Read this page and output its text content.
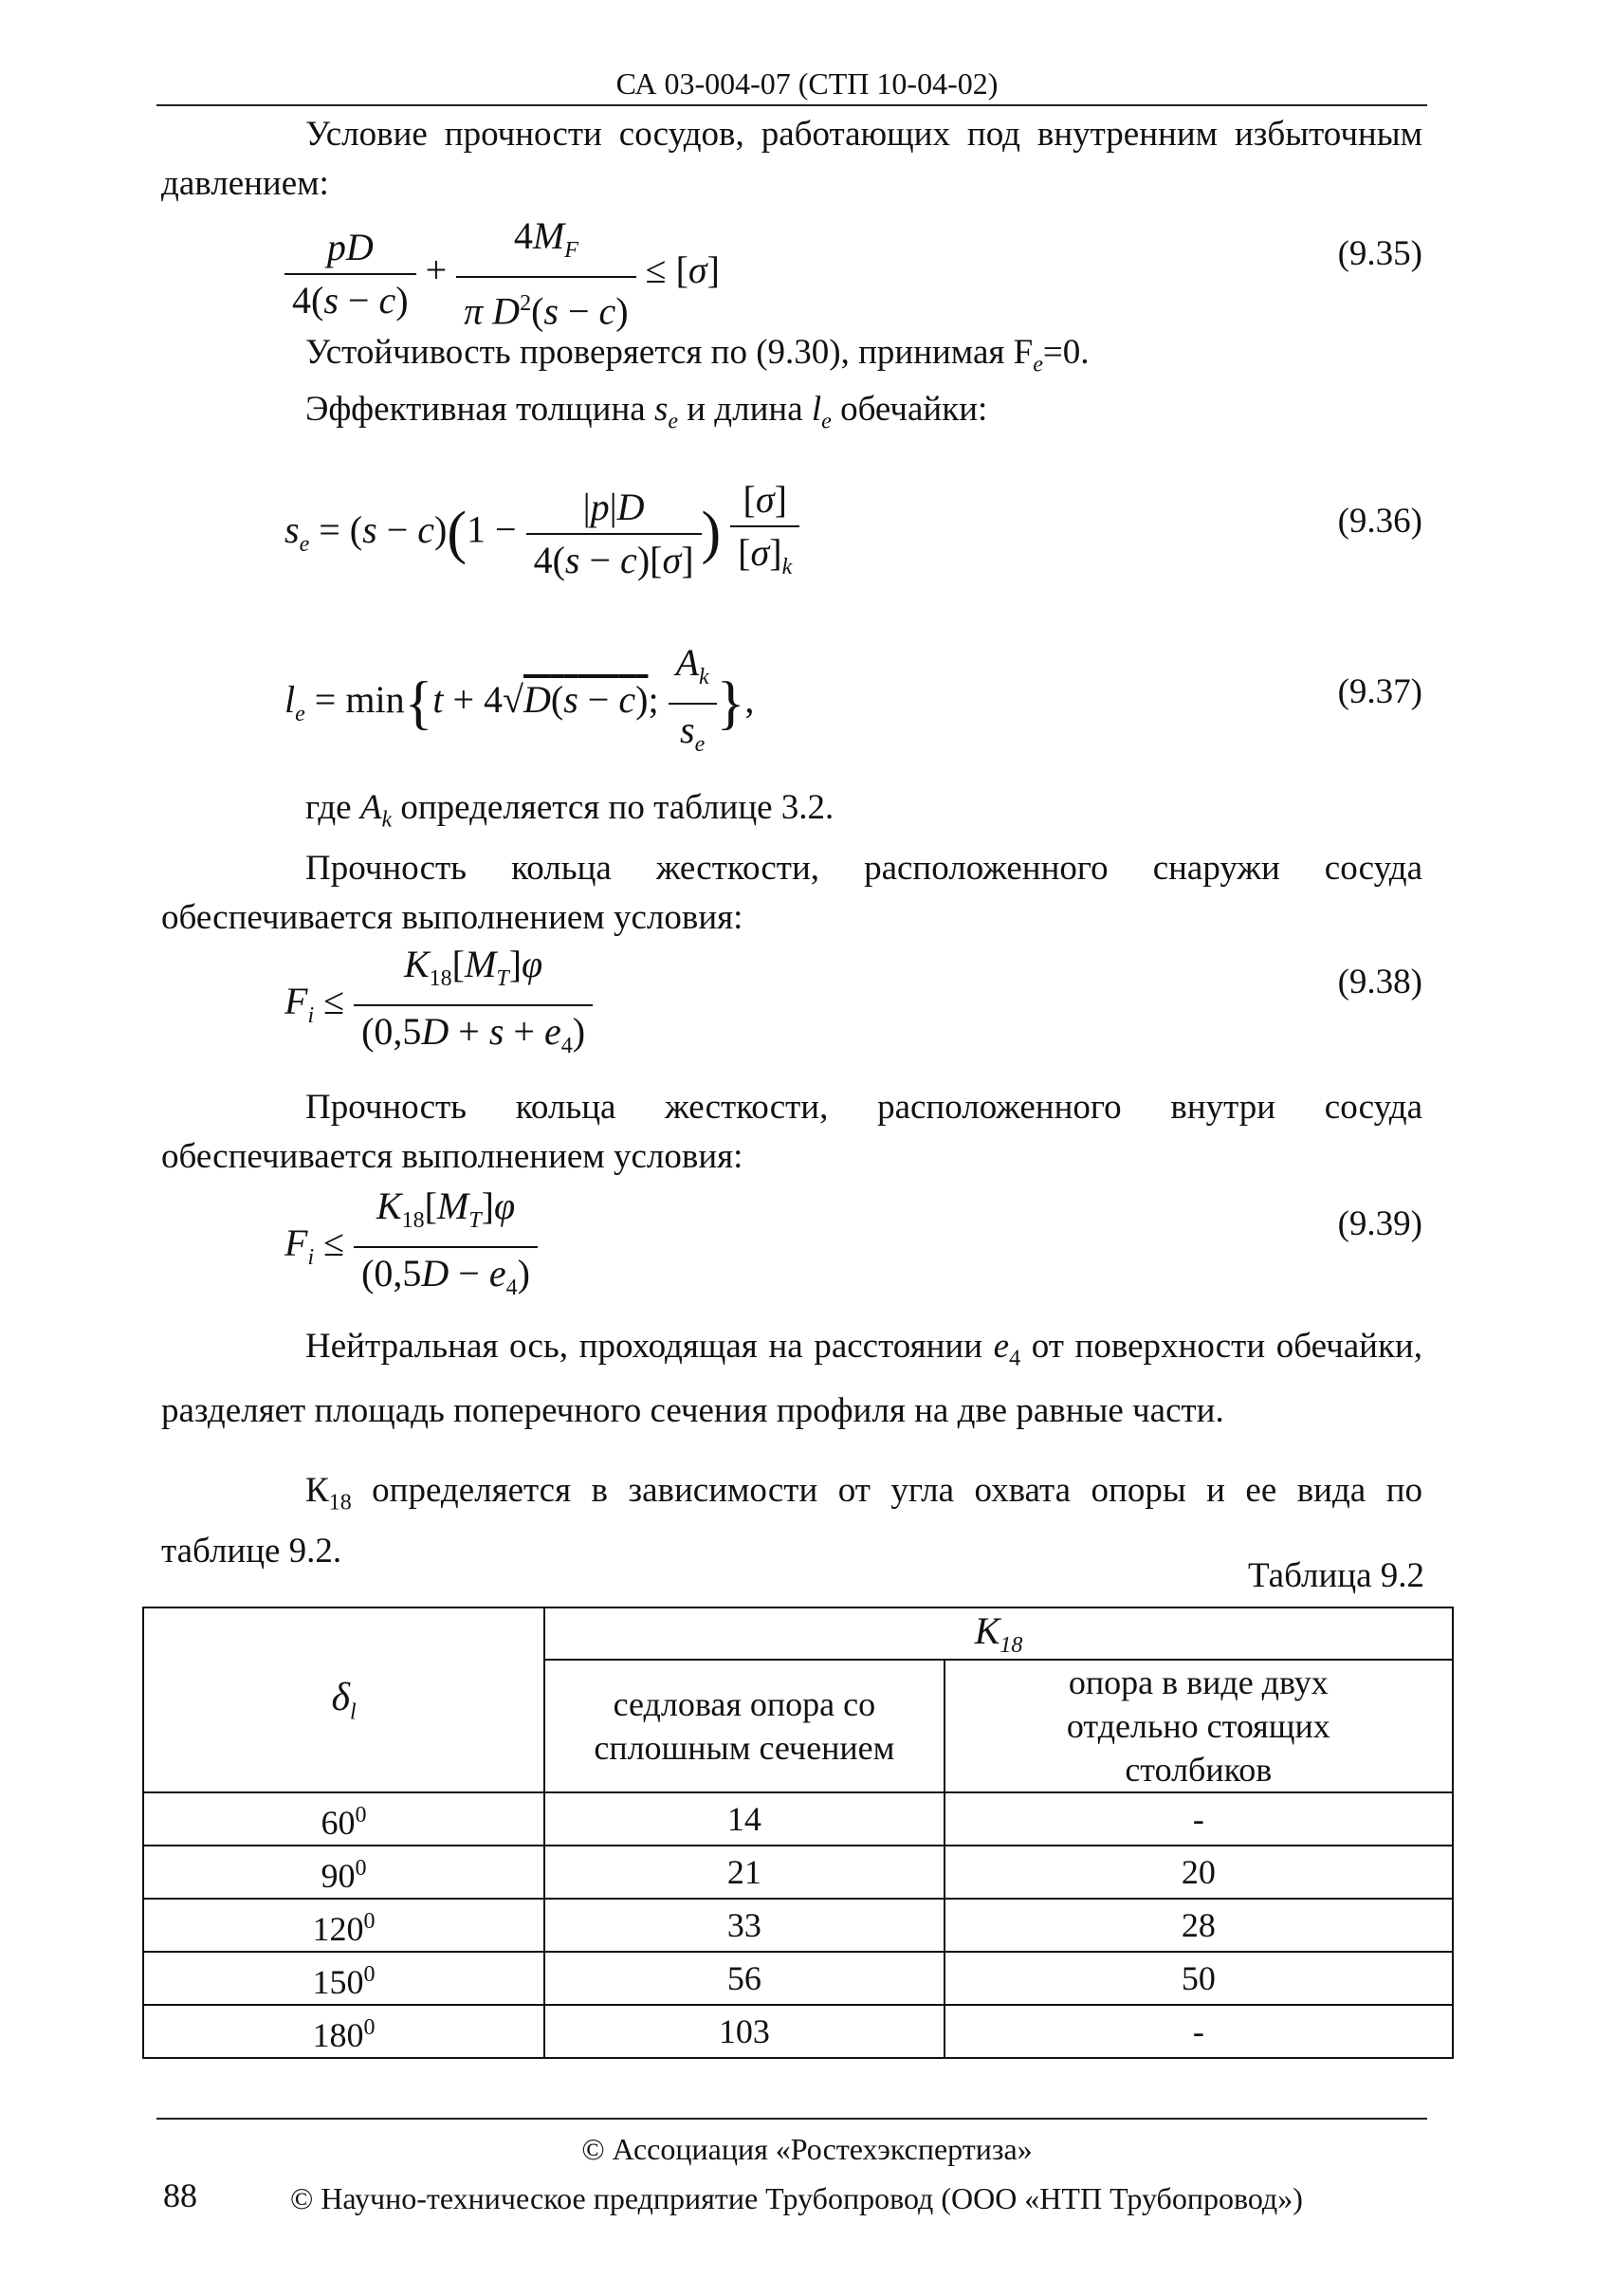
СА 03-004-07 (СТП 10-04-02)
Условие прочности сосудов, работающих под внутренним избыточным давлением:
$\frac{pD}{4(s - c)} + \frac{4M_F}{\pi D^2(s - c)} \le [\sigma]$	(9.35)
Устойчивость проверяется по (9.30), принимая $F_e=0$.
Эффективная толщина $s_e$ и длина $l_e$ обечайки:
$s_e = (s - c)(1 - \frac{|p|D}{4(s - c)[\sigma]}$ ) $\frac{[\sigma]}{[\sigma]_k}$	(9.36)
$l_e = \min\{t + 4√D(s - c)$; $\frac{A_k}{s_e}$ },	(9.37)
где $A_k$ определяется по таблице 3.2.
Прочность кольца жесткости, расположенного снаружи сосуда обеспечивается выполнением условия:
$F_i \le \frac{K_{18}[M_T]\varphi}{(0,5D + s + e_4)}$	(9.38)
Прочность кольца жесткости, расположенного внутри сосуда обеспечивается выполнением условия:
$F_i \le \frac{K_{18}[M_T]\varphi}{(0,5D - e_4)}$	(9.39)
Нейтральная ось, проходящая на расстоянии $e_4$ от поверхности обечайки, разделяет площадь поперечного сечения профиля на две равные части.
$К_{18}$ определяется в зависимости от угла охвата опоры и ее вида по таблице 9.2.
Таблица 9.2
$\delta_l$	$K_{18}$
	седловая опора со сплошным сечением	опора в виде двух отдельно стоящих столбиков
$60^0$	14	-
$90^0$	21	20
$120^0$	33	28
$150^0$	56	50
$180^0$	103	-
© Ассоциация «Ростехэкспертиза»
88	© Научно-техническое предприятие Трубопровод (ООО «НТП Трубопровод»)
